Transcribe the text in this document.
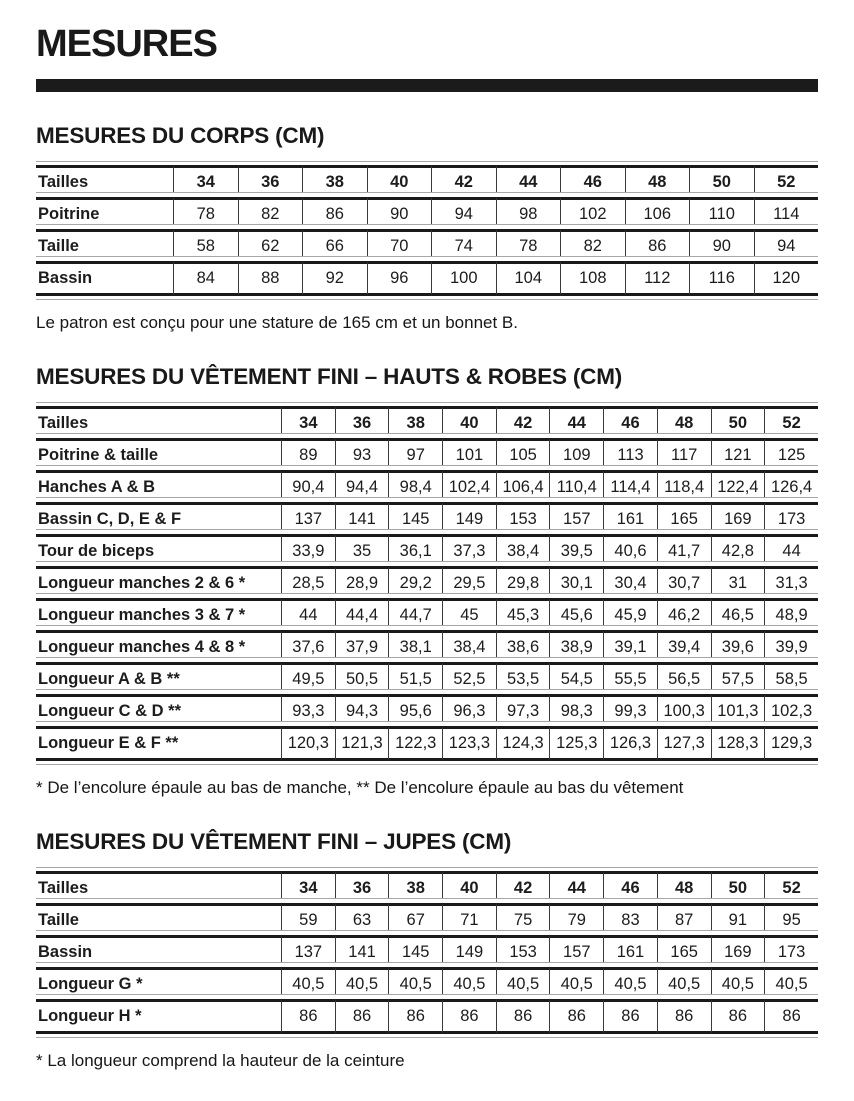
MESURES
MESURES DU CORPS (CM)
Tailles	34	36	38	40	42	44	46	48	50	52
Poitrine	78	82	86	90	94	98	102	106	110	114
Taille	58	62	66	70	74	78	82	86	90	94
Bassin	84	88	92	96	100	104	108	112	116	120

Le patron est conçu pour une stature de 165 cm et un bonnet B.

MESURES DU VÊTEMENT FINI – HAUTS & ROBES (CM)
Tailles	34	36	38	40	42	44	46	48	50	52
Poitrine & taille	89	93	97	101	105	109	113	117	121	125
Hanches A & B	90,4	94,4	98,4	102,4	106,4	110,4	114,4	118,4	122,4	126,4
Bassin C, D, E & F	137	141	145	149	153	157	161	165	169	173
Tour de biceps	33,9	35	36,1	37,3	38,4	39,5	40,6	41,7	42,8	44
Longueur manches 2 & 6 *	28,5	28,9	29,2	29,5	29,8	30,1	30,4	30,7	31	31,3
Longueur manches 3 & 7 *	44	44,4	44,7	45	45,3	45,6	45,9	46,2	46,5	48,9
Longueur manches 4 & 8 *	37,6	37,9	38,1	38,4	38,6	38,9	39,1	39,4	39,6	39,9
Longueur A & B **	49,5	50,5	51,5	52,5	53,5	54,5	55,5	56,5	57,5	58,5
Longueur C & D **	93,3	94,3	95,6	96,3	97,3	98,3	99,3	100,3	101,3	102,3
Longueur E & F **	120,3	121,3	122,3	123,3	124,3	125,3	126,3	127,3	128,3	129,3

* De l’encolure épaule au bas de manche, ** De l’encolure épaule au bas du vêtement

MESURES DU VÊTEMENT FINI – JUPES (CM)
Tailles	34	36	38	40	42	44	46	48	50	52
Taille	59	63	67	71	75	79	83	87	91	95
Bassin	137	141	145	149	153	157	161	165	169	173
Longueur G *	40,5	40,5	40,5	40,5	40,5	40,5	40,5	40,5	40,5	40,5
Longueur H *	86	86	86	86	86	86	86	86	86	86

* La longueur comprend la hauteur de la ceinture
